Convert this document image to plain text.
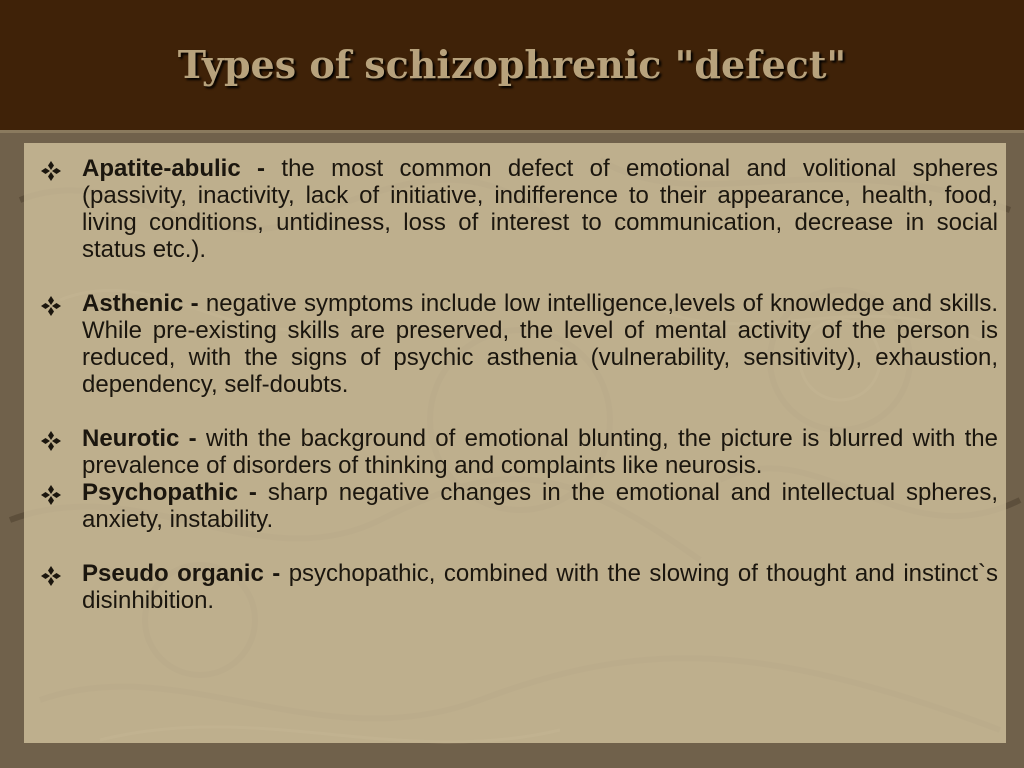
Types of schizophrenic "defect"
Apatite-abulic - the most common defect of emotional and volitional spheres (passivity, inactivity, lack of initiative, indifference to their appearance, health, food, living conditions, untidiness, loss of interest to communication, decrease in social status etc.).
Asthenic - negative symptoms include low intelligence,levels of knowledge and skills. While pre-existing skills are preserved, the level of mental activity of the person is reduced, with the signs of psychic asthenia (vulnerability, sensitivity), exhaustion, dependency, self-doubts.
Neurotic - with the background of emotional blunting, the picture is blurred with the prevalence of disorders of thinking and complaints like neurosis.
Psychopathic - sharp negative changes in the emotional and intellectual spheres, anxiety, instability.
Pseudo organic - psychopathic, combined with the slowing of thought and instinct`s disinhibition.
